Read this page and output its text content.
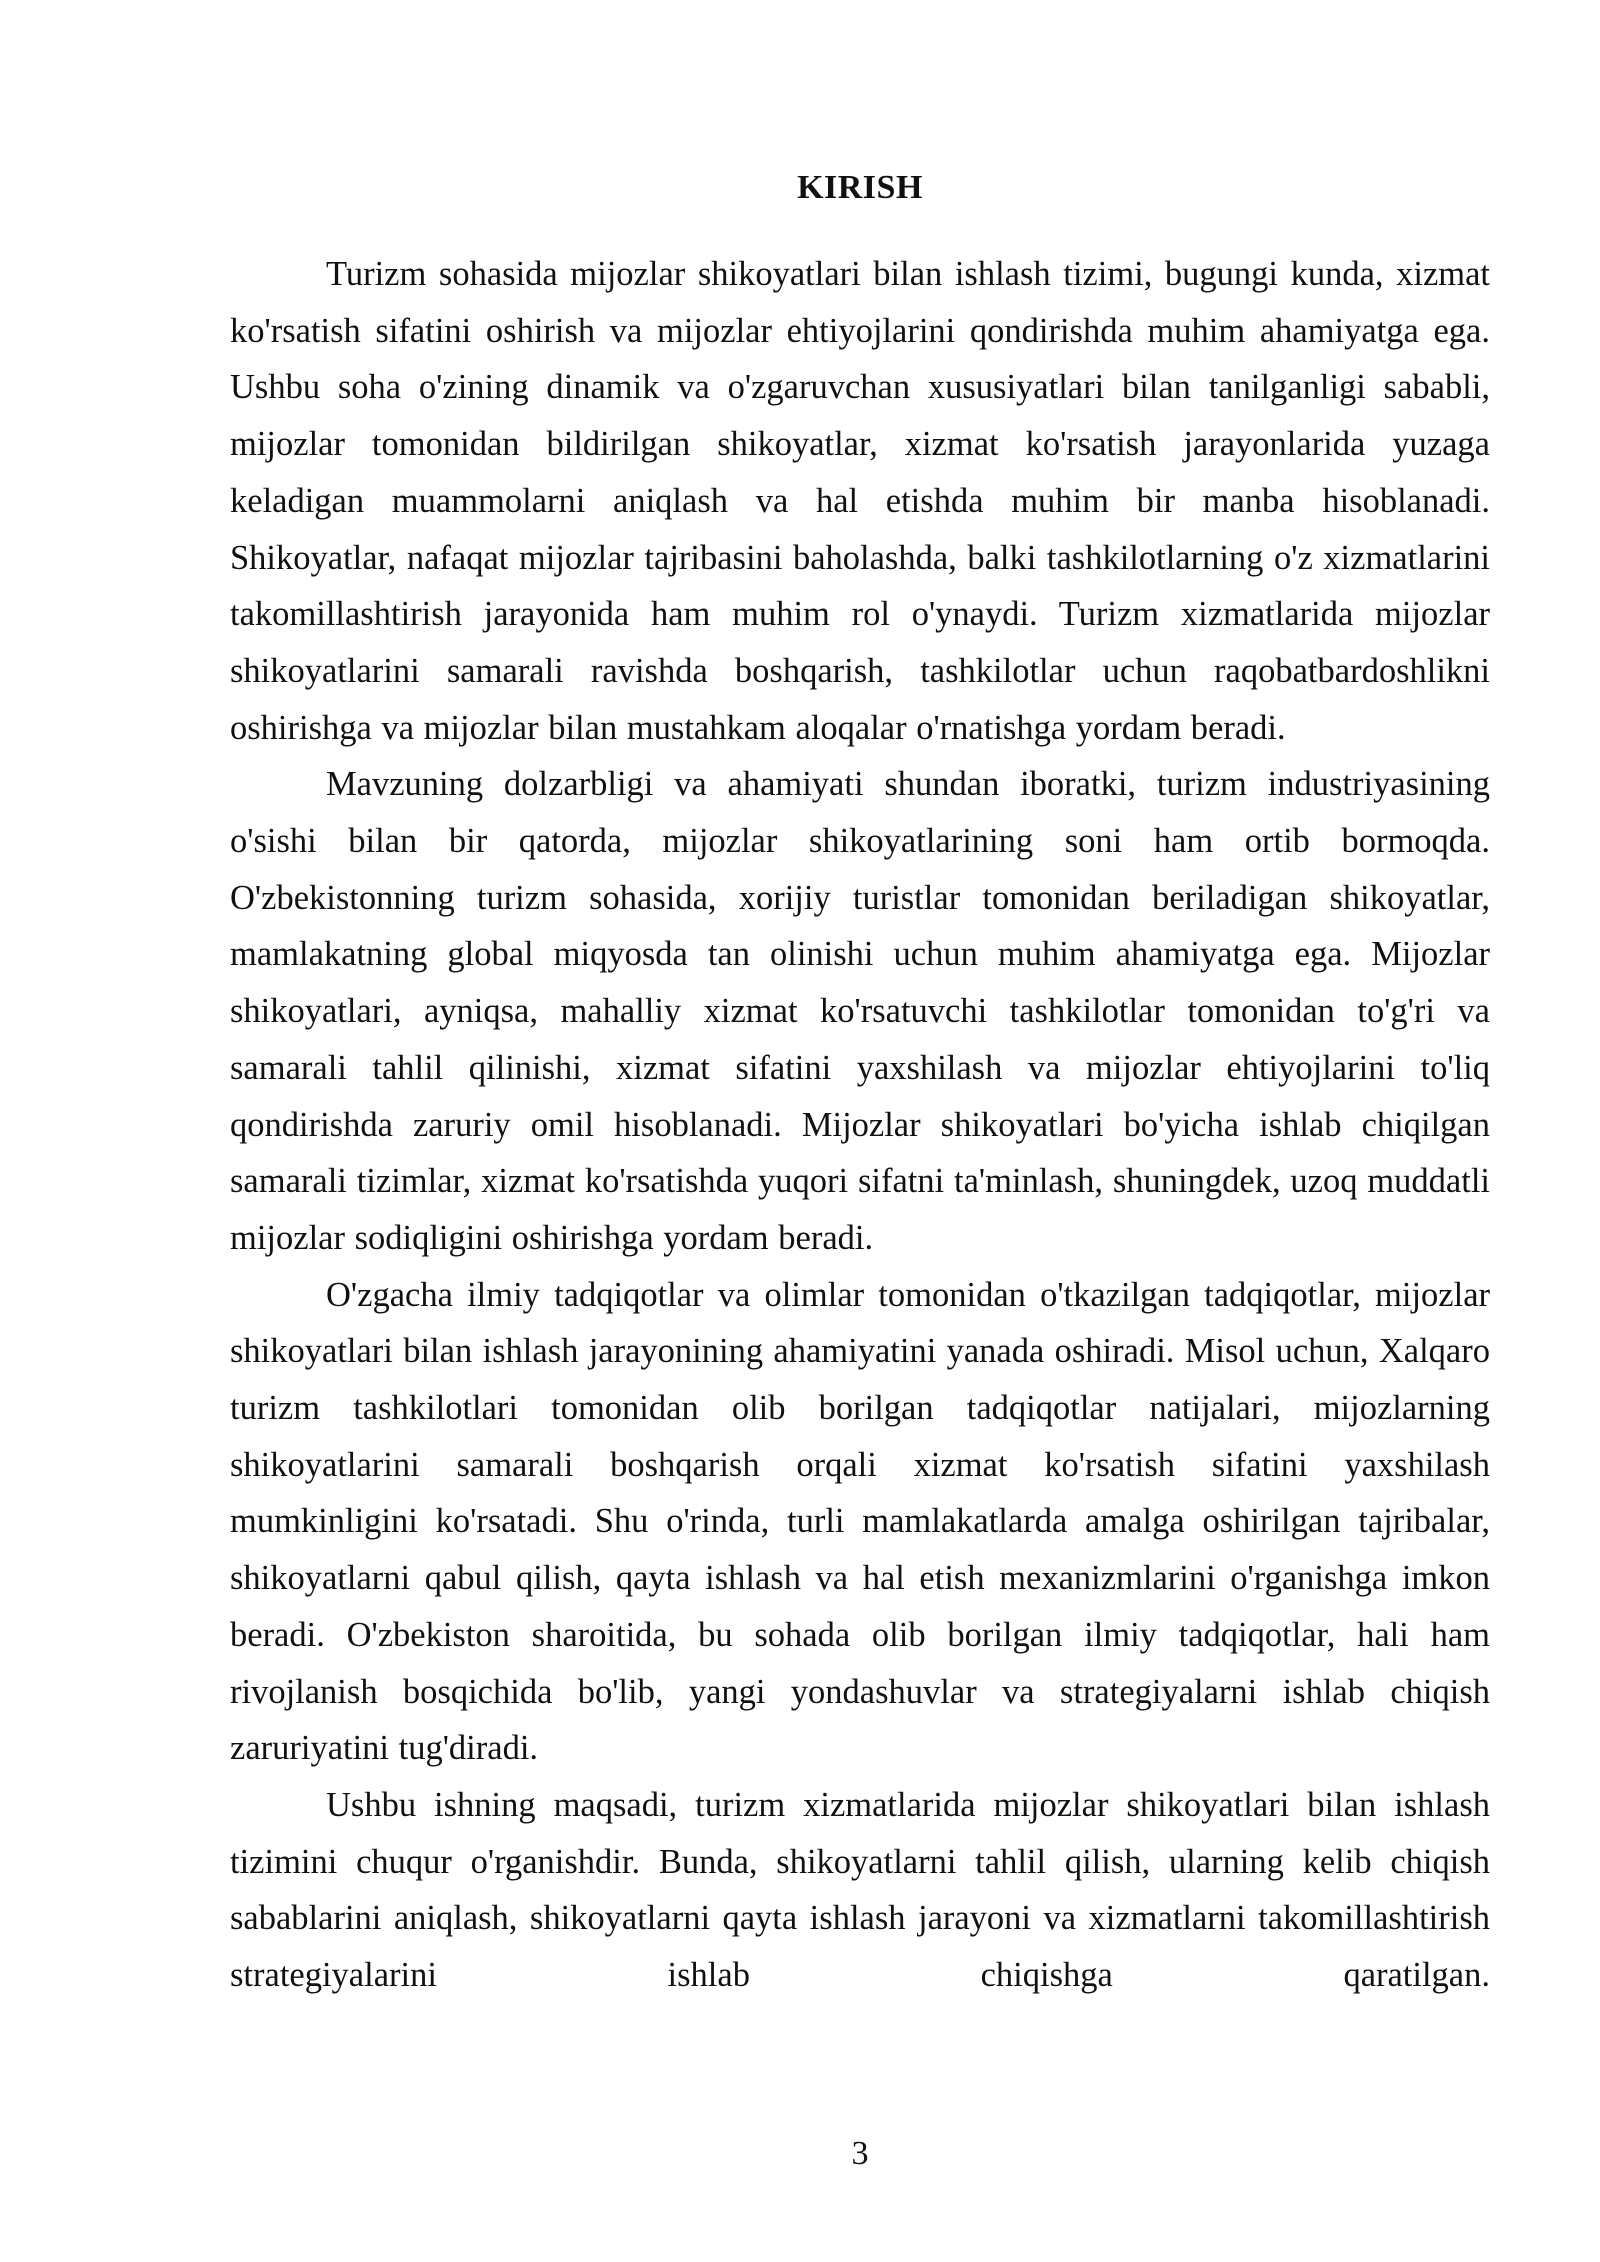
KIRISH

Turizm sohasida mijozlar shikoyatlari bilan ishlash tizimi, bugungi kunda, xizmat ko'rsatish sifatini oshirish va mijozlar ehtiyojlarini qondirishda muhim ahamiyatga ega. Ushbu soha o'zining dinamik va o'zgaruvchan xususiyatlari bilan tanilganligi sababli, mijozlar tomonidan bildirilgan shikoyatlar, xizmat ko'rsatish jarayonlarida yuzaga keladigan muammolarni aniqlash va hal etishda muhim bir manba hisoblanadi. Shikoyatlar, nafaqat mijozlar tajribasini baholashda, balki tashkilotlarning o'z xizmatlarini takomillashtirish jarayonida ham muhim rol o'ynaydi. Turizm xizmatlarida mijozlar shikoyatlarini samarali ravishda boshqarish, tashkilotlar uchun raqobatbardoshlikni oshirishga va mijozlar bilan mustahkam aloqalar o'rnatishga yordam beradi.

Mavzuning dolzarbligi va ahamiyati shundan iboratki, turizm industriyasining o'sishi bilan bir qatorda, mijozlar shikoyatlarining soni ham ortib bormoqda. O'zbekistonning turizm sohasida, xorijiy turistlar tomonidan beriladigan shikoyatlar, mamlakatning global miqyosda tan olinishi uchun muhim ahamiyatga ega. Mijozlar shikoyatlari, ayniqsa, mahalliy xizmat ko'rsatuvchi tashkilotlar tomonidan to'g'ri va samarali tahlil qilinishi, xizmat sifatini yaxshilash va mijozlar ehtiyojlarini to'liq qondirishda zaruriy omil hisoblanadi. Mijozlar shikoyatlari bo'yicha ishlab chiqilgan samarali tizimlar, xizmat ko'rsatishda yuqori sifatni ta'minlash, shuningdek, uzoq muddatli mijozlar sodiqligini oshirishga yordam beradi.

O'zgacha ilmiy tadqiqotlar va olimlar tomonidan o'tkazilgan tadqiqotlar, mijozlar shikoyatlari bilan ishlash jarayonining ahamiyatini yanada oshiradi. Misol uchun, Xalqaro turizm tashkilotlari tomonidan olib borilgan tadqiqotlar natijalari, mijozlarning shikoyatlarini samarali boshqarish orqali xizmat ko'rsatish sifatini yaxshilash mumkinligini ko'rsatadi. Shu o'rinda, turli mamlakatlarda amalga oshirilgan tajribalar, shikoyatlarni qabul qilish, qayta ishlash va hal etish mexanizmlarini o'rganishga imkon beradi. O'zbekiston sharoitida, bu sohada olib borilgan ilmiy tadqiqotlar, hali ham rivojlanish bosqichida bo'lib, yangi yondashuvlar va strategiyalarni ishlab chiqish zaruriyatini tug'diradi.

Ushbu ishning maqsadi, turizm xizmatlarida mijozlar shikoyatlari bilan ishlash tizimini chuqur o'rganishdir. Bunda, shikoyatlarni tahlil qilish, ularning kelib chiqish sabablarini aniqlash, shikoyatlarni qayta ishlash jarayoni va xizmatlarni takomillashtirish strategiyalarini ishlab chiqishga qaratilgan.

3
